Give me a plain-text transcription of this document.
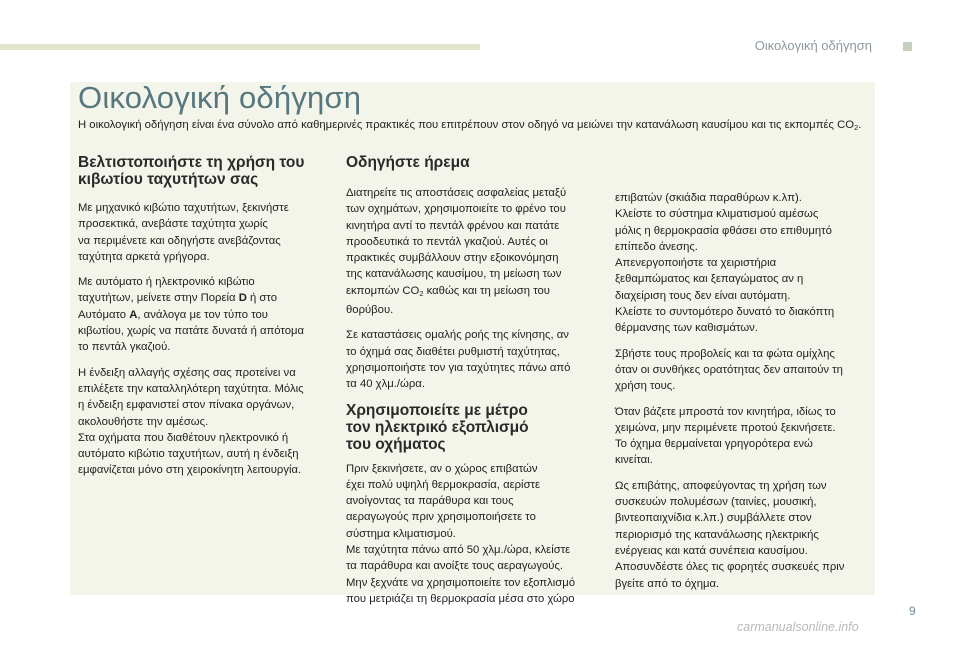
Οικολογική οδήγηση
Οικολογική οδήγηση

Η οικολογική οδήγηση είναι ένα σύνολο από καθημερινές πρακτικές που επιτρέπουν στον οδηγό να μειώνει την κατανάλωση καυσίμου και τις εκπομπές $CO_2$.

Βελτιστοποιήστε τη χρήση του
κιβωτίου ταχυτήτων σας

Με μηχανικό κιβώτιο ταχυτήτων, ξεκινήστε
προσεκτικά, ανεβάστε ταχύτητα χωρίς
να περιμένετε και οδηγήστε ανεβάζοντας
ταχύτητα αρκετά γρήγορα.

Με αυτόματο ή ηλεκτρονικό κιβώτιο
ταχυτήτων, μείνετε στην Πορεία D ή στο
Αυτόματο A, ανάλογα με τον τύπο του
κιβωτίου, χωρίς να πατάτε δυνατά ή απότομα
το πεντάλ γκαζιού.

Η ένδειξη αλλαγής σχέσης σας προτείνει να
επιλέξετε την καταλληλότερη ταχύτητα. Μόλις
η ένδειξη εμφανιστεί στον πίνακα οργάνων,
ακολουθήστε την αμέσως.
Στα οχήματα που διαθέτουν ηλεκτρονικό ή
αυτόματο κιβώτιο ταχυτήτων, αυτή η ένδειξη
εμφανίζεται μόνο στη χειροκίνητη λειτουργία.

Οδηγήστε ήρεμα

Διατηρείτε τις αποστάσεις ασφαλείας μεταξύ
των οχημάτων, χρησιμοποιείτε το φρένο του
κινητήρα αντί το πεντάλ φρένου και πατάτε
προοδευτικά το πεντάλ γκαζιού. Αυτές οι
πρακτικές συμβάλλουν στην εξοικονόμηση
της κατανάλωσης καυσίμου, τη μείωση των
εκπομπών $CO_2$ καθώς και τη μείωση του
θορύβου.

Σε καταστάσεις ομαλής ροής της κίνησης, αν
το όχημά σας διαθέτει ρυθμιστή ταχύτητας,
χρησιμοποιήστε τον για ταχύτητες πάνω από
τα 40 χλμ./ώρα.

Χρησιμοποιείτε με μέτρο
τον ηλεκτρικό εξοπλισμό
του οχήματος

Πριν ξεκινήσετε, αν ο χώρος επιβατών
έχει πολύ υψηλή θερμοκρασία, αερίστε
ανοίγοντας τα παράθυρα και τους
αεραγωγούς πριν χρησιμοποιήσετε το
σύστημα κλιματισμού.
Με ταχύτητα πάνω από 50 χλμ./ώρα, κλείστε
τα παράθυρα και ανοίξτε τους αεραγωγούς.
Μην ξεχνάτε να χρησιμοποιείτε τον εξοπλισμό
που μετριάζει τη θερμοκρασία μέσα στο χώρο

επιβατών (σκιάδια παραθύρων κ.λπ).
Κλείστε το σύστημα κλιματισμού αμέσως
μόλις η θερμοκρασία φθάσει στο επιθυμητό
επίπεδο άνεσης.
Απενεργοποιήστε τα χειριστήρια
ξεθαμπώματος και ξεπαγώματος αν η
διαχείριση τους δεν είναι αυτόματη.
Κλείστε το συντομότερο δυνατό το διακόπτη
θέρμανσης των καθισμάτων.

Σβήστε τους προβολείς και τα φώτα ομίχλης
όταν οι συνθήκες ορατότητας δεν απαιτούν τη
χρήση τους.

Όταν βάζετε μπροστά τον κινητήρα, ιδίως το
χειμώνα, μην περιμένετε προτού ξεκινήσετε.
Το όχημα θερμαίνεται γρηγορότερα ενώ
κινείται.

Ως επιβάτης, αποφεύγοντας τη χρήση των
συσκευών πολυμέσων (ταινίες, μουσική,
βιντεοπαιχνίδια κ.λπ.) συμβάλλετε στον
περιορισμό της κατανάλωσης ηλεκτρικής
ενέργειας και κατά συνέπεια καυσίμου.
Αποσυνδέστε όλες τις φορητές συσκευές πριν
βγείτε από το όχημα.

9
carmanualsonline.info
